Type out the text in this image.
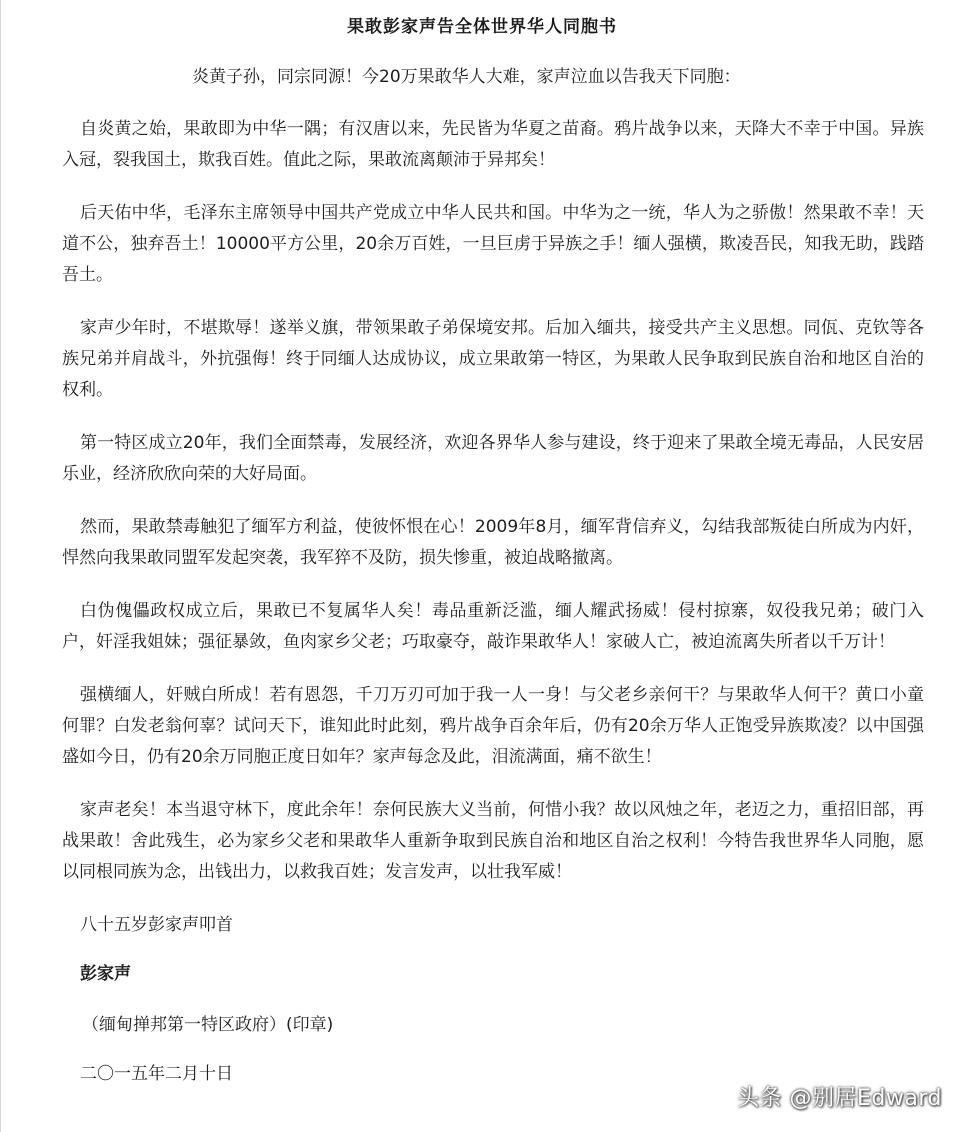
果敢彭家声告全体世界华人同胞书
炎黄子孙，同宗同源！今20万果敢华人大难，家声泣血以告我天下同胞：

自炎黄之始，果敢即为中华一隅；有汉唐以来，先民皆为华夏之苗裔。鸦片战争以来，天降大不幸于中国。异族入冠，裂我国土，欺我百姓。值此之际，果敢流离颠沛于异邦矣！

后天佑中华，毛泽东主席领导中国共产党成立中华人民共和国。中华为之一统，华人为之骄傲！然果敢不幸！天道不公，独弃吾土！10000平方公里，20余万百姓，一旦巨虏于异族之手！缅人强横，欺凌吾民，知我无助，践踏吾土。

家声少年时，不堪欺辱！遂举义旗，带领果敢子弟保境安邦。后加入缅共，接受共产主义思想。同佤、克钦等各族兄弟并肩战斗，外抗强侮！终于同缅人达成协议，成立果敢第一特区，为果敢人民争取到民族自治和地区自治的权利。

第一特区成立20年，我们全面禁毒，发展经济，欢迎各界华人参与建设，终于迎来了果敢全境无毒品，人民安居乐业，经济欣欣向荣的大好局面。

然而，果敢禁毒触犯了缅军方利益，使彼怀恨在心！2009年8月，缅军背信弃义，勾结我部叛徒白所成为内奸，悍然向我果敢同盟军发起突袭，我军猝不及防，损失惨重，被迫战略撤离。

白伪傀儡政权成立后，果敢已不复属华人矣！毒品重新泛滥，缅人耀武扬威！侵村掠寨，奴役我兄弟；破门入户，奸淫我姐妹；强征暴敛，鱼肉家乡父老；巧取豪夺，敲诈果敢华人！家破人亡，被迫流离失所者以千万计！

强横缅人，奸贼白所成！若有恩怨，千刀万刃可加于我一人一身！与父老乡亲何干？与果敢华人何干？黄口小童何罪？白发老翁何辜？试问天下，谁知此时此刻，鸦片战争百余年后，仍有20余万华人正饱受异族欺凌？以中国强盛如今日，仍有20余万同胞正度日如年？家声每念及此，泪流满面，痛不欲生！

家声老矣！本当退守林下，度此余年！奈何民族大义当前，何惜小我？故以风烛之年，老迈之力，重招旧部，再战果敢！舍此残生，必为家乡父老和果敢华人重新争取到民族自治和地区自治之权利！今特告我世界华人同胞，愿以同根同族为念，出钱出力，以救我百姓；发言发声，以壮我军威！

八十五岁彭家声叩首

彭家声

（缅甸掸邦第一特区政府）(印章)

二〇一五年二月十日

头条 @别居Edward
